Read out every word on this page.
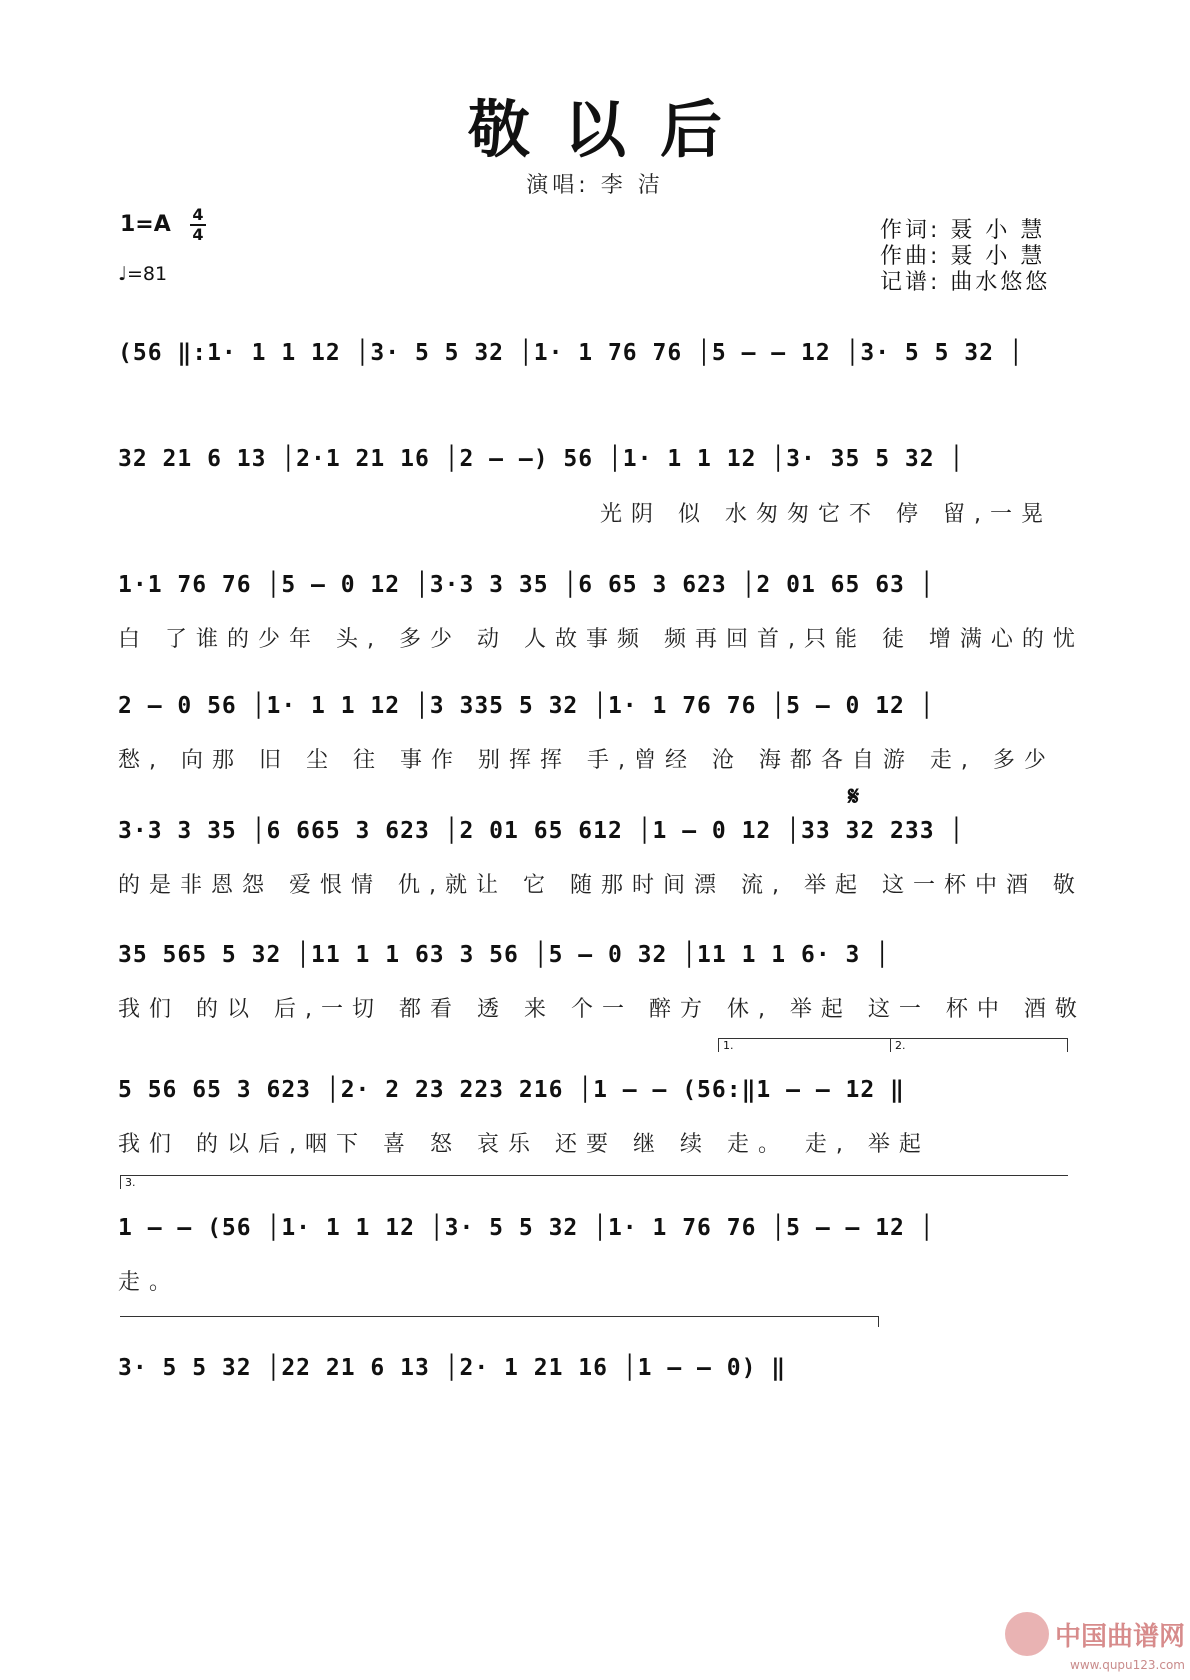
敬以后
演唱: 李 洁
1=A 4
4
♩=81
作词: 聂 小 慧
作曲: 聂 小 慧
记谱: 曲水悠悠
(56 ‖:1· 1 1 12 │3· 5 5 32 │1· 1 76 76 │5 – – 12 │3· 5 5 32 │
32 21 6 13 │2·1 21 16 │2 – –) 56 │1· 1 1 12 │3· 35 5 32 │
光阴 似 水匆匆它不 停 留,一晃
1·1 76 76 │5 – 0 12 │3·3 3 35 │6 65 3 623 │2 01 65 63 │
白 了谁的少年 头, 多少 动 人故事频 频再回首,只能 徒 增满心的忧
2 – 0 56 │1· 1 1 12 │3 335 5 32 │1· 1 76 76 │5 – 0 12 │
愁, 向那 旧 尘 往 事作 别挥挥 手,曾经 沧 海都各自游 走, 多少
𝄋
3·3 3 35 │6 665 3 623 │2 01 65 612 │1 – 0 12 │33 32 233 │
的是非恩怨 爱恨情 仇,就让 它 随那时间漂 流, 举起 这一杯中酒 敬
35 565 5 32 │11 1 1 63 3 56 │5 – 0 32 │11 1 1 6· 3 │
我们 的以 后,一切 都看 透 来 个一 醉方 休, 举起 这一 杯中 酒敬
1.	2.
5 56 65 3 623 │2· 2 23 223 216 │1 – – (56:‖1 – – 12 ‖
我们 的以后,咽下 喜 怒 哀乐 还要 继 续 走。 走, 举起
3.
1 – – (56 │1· 1 1 12 │3· 5 5 32 │1· 1 76 76 │5 – – 12 │
走。
3· 5 5 32 │22 21 6 13 │2· 1 21 16 │1 – – 0) ‖
中国曲谱网
www.qupu123.com
